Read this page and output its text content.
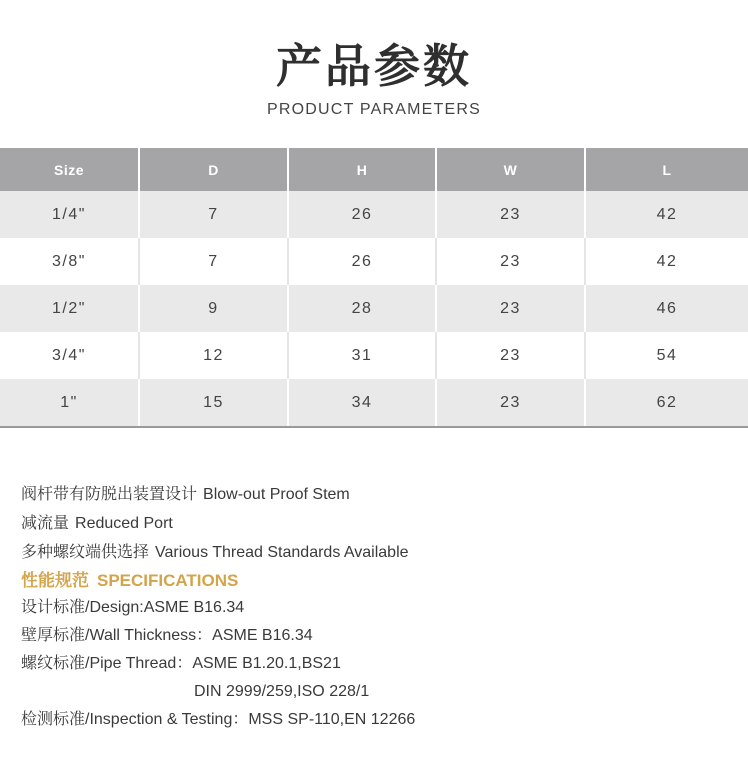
产品参数
PRODUCT PARAMETERS
Size	D	H	W	L
1/4"	7	26	23	42
3/8"	7	26	23	42
1/2"	9	28	23	46
3/4"	12	31	23	54
1"	15	34	23	62
阀杆带有防脱出装置设计 Blow-out Proof Stem
减流量 Reduced Port
多种螺纹端供选择 Various Thread Standards Available
性能规范 SPECIFICATIONS
设计标准/Design:ASME B16.34
壁厚标准/Wall Thickness：ASME B16.34
螺纹标准/Pipe Thread：ASME B1.20.1,BS21
DIN 2999/259,ISO 228/1
检测标准/Inspection & Testing：MSS SP-110,EN 12266
